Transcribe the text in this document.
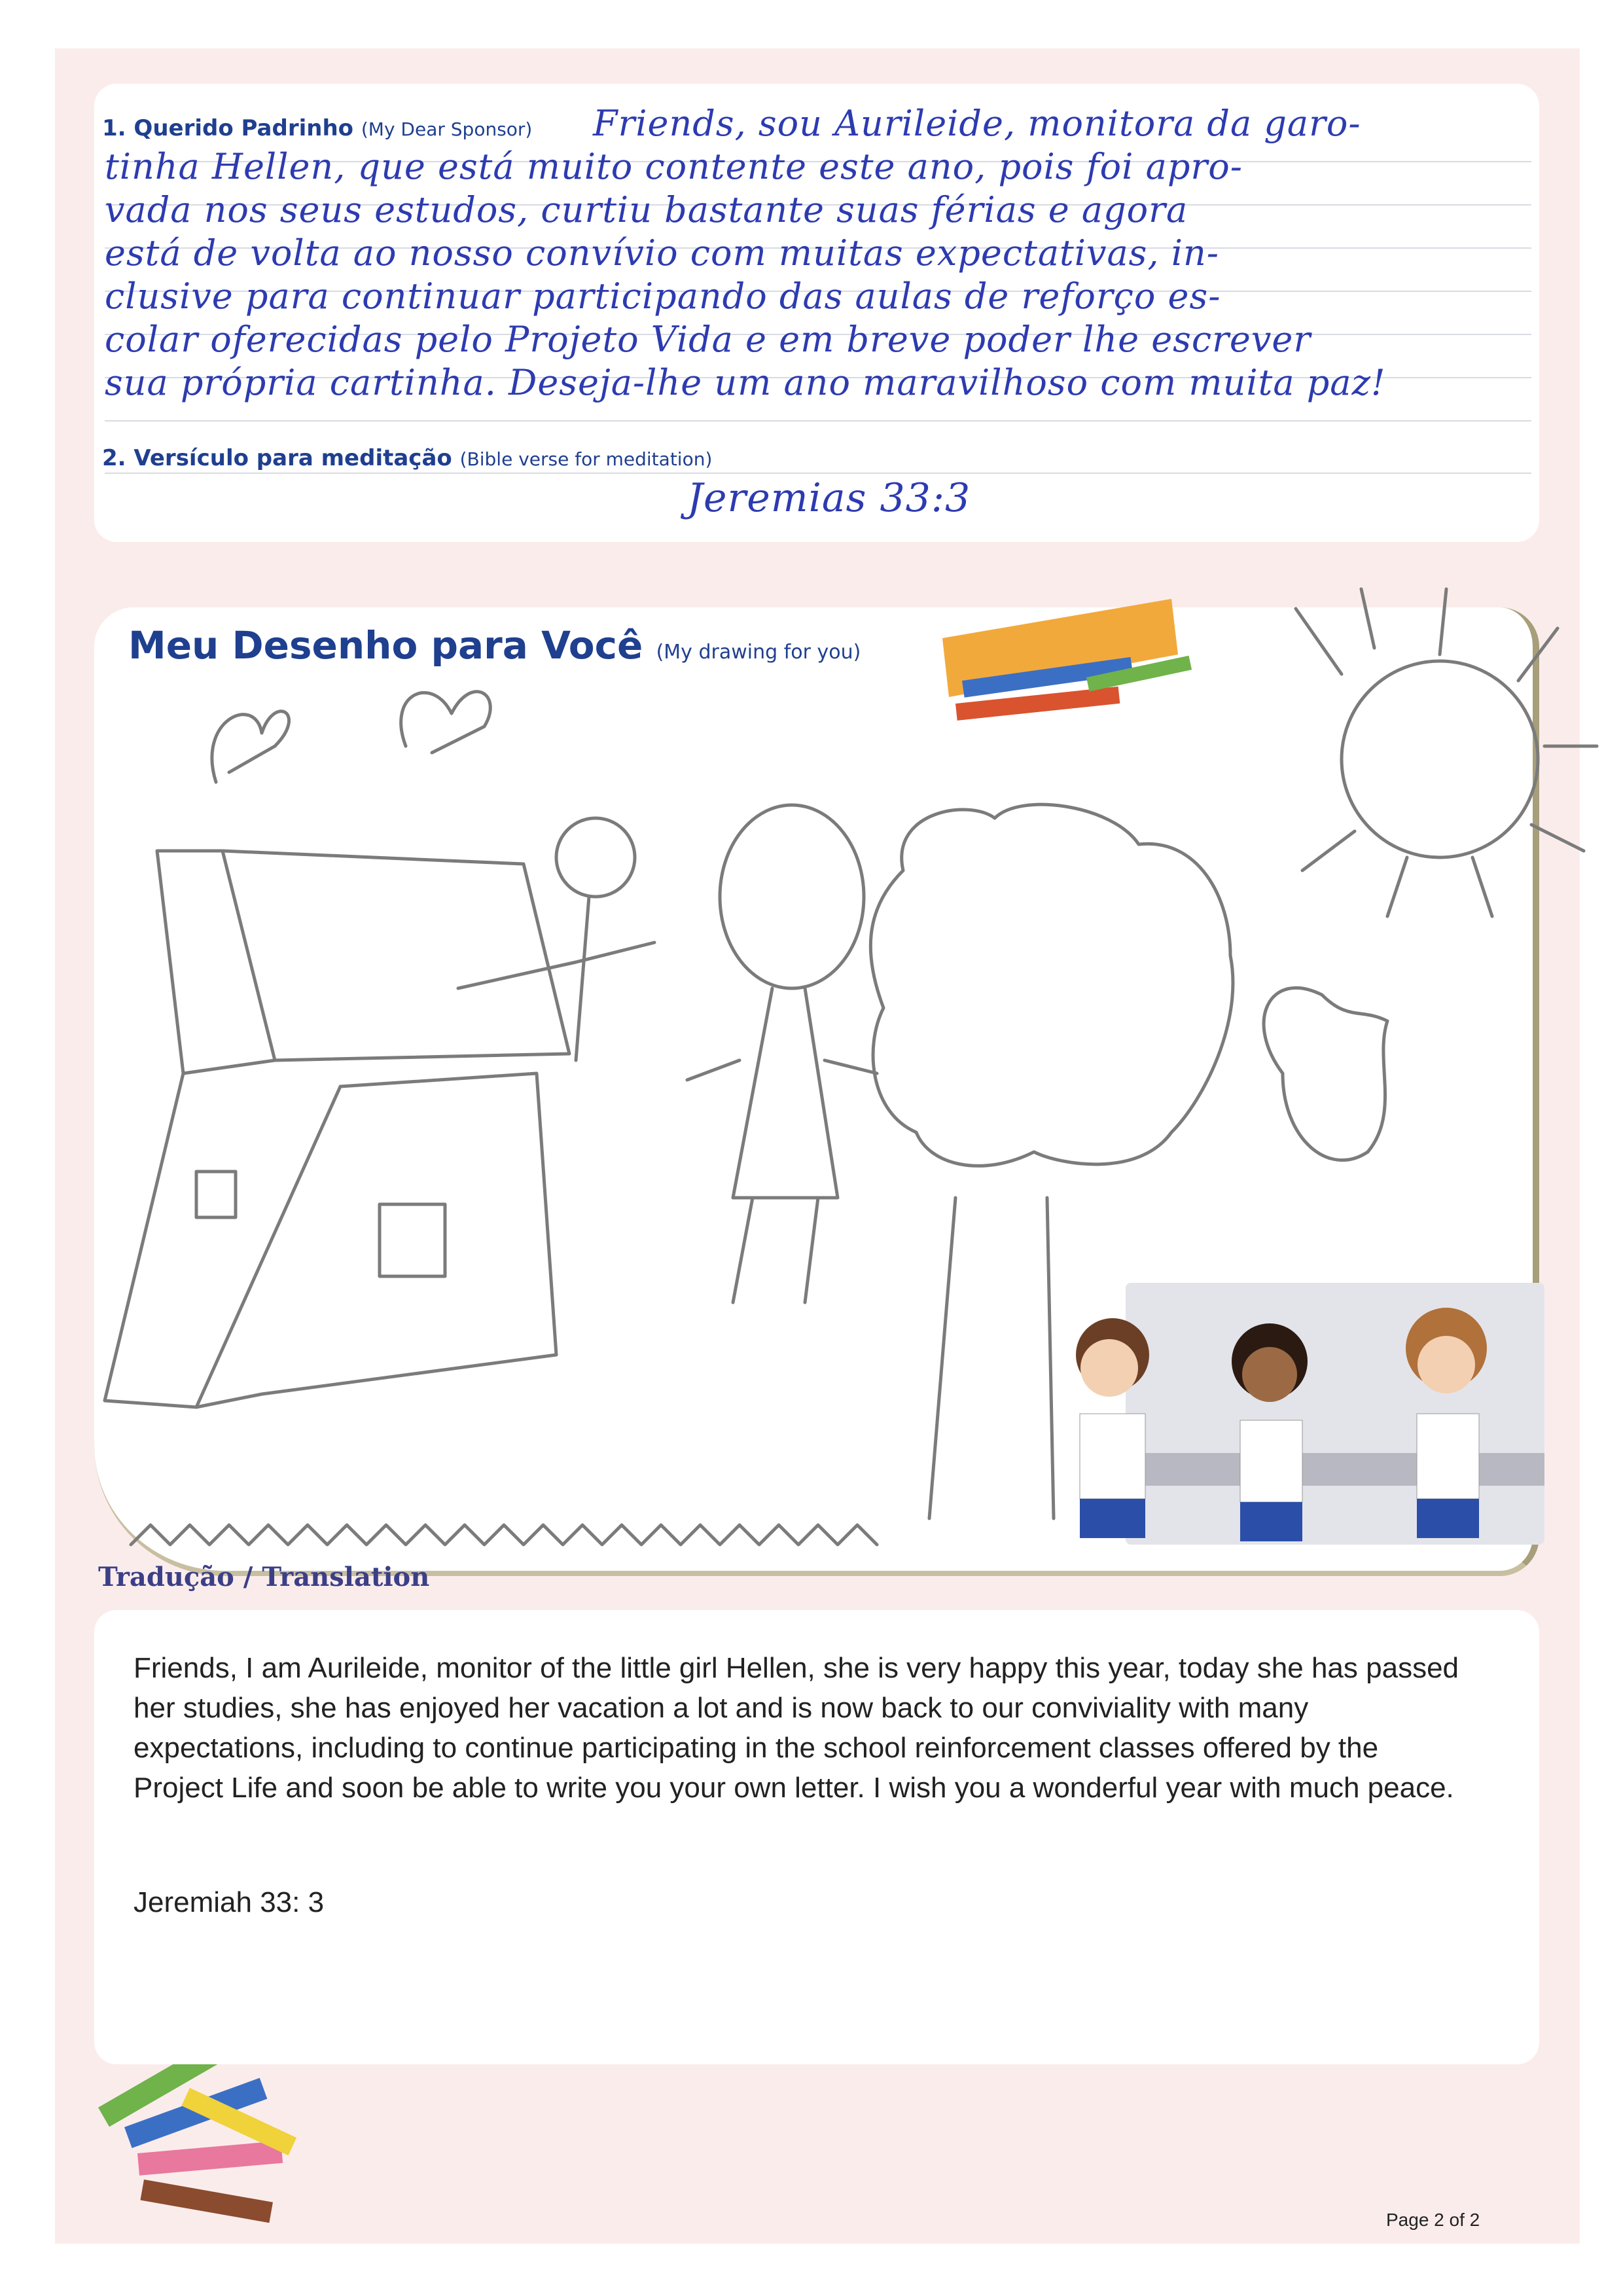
1. Querido Padrinho (My Dear Sponsor) Friends, sou Aurileide, monitora da garo-
tinha Hellen, que está muito contente este ano, pois foi apro-
vada nos seus estudos, curtiu bastante suas férias e agora
está de volta ao nosso convívio com muitas expectativas, in-
clusive para continuar participando das aulas de reforço es-
colar oferecidas pelo Projeto Vida e em breve poder lhe escrever
sua própria cartinha. Deseja-lhe um ano maravilhoso com muita paz!
2. Versículo para meditação (Bible verse for meditation)
Jeremias 33:3
Meu Desenho para Você (My drawing for you)
Tradução / Translation
Friends, I am Aurileide, monitor of the little girl Hellen, she is very happy this year, today she has passed her studies, she has enjoyed her vacation a lot and is now back to our conviviality with many expectations, including to continue participating in the school reinforcement classes offered by the Project Life and soon be able to write you your own letter. I wish you a wonderful year with much peace.
Jeremiah 33: 3
Page 2 of 2
